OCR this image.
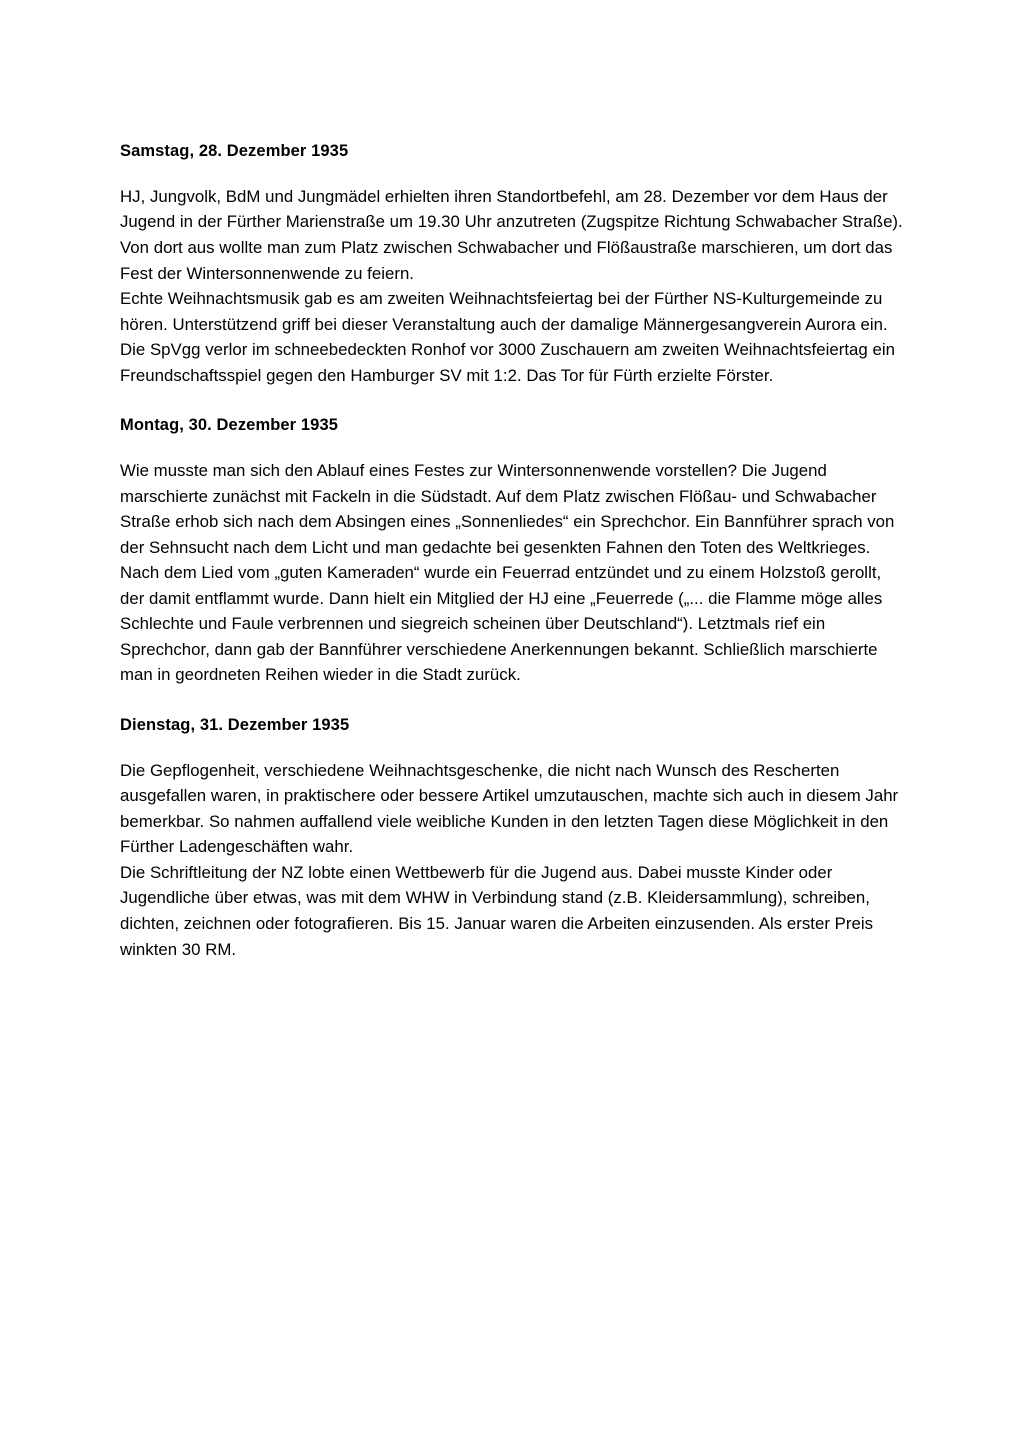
Samstag, 28. Dezember 1935

HJ, Jungvolk, BdM und Jungmädel erhielten ihren Standortbefehl, am 28. Dezember vor dem Haus der Jugend in der Fürther Marienstraße um 19.30 Uhr anzutreten (Zugspitze Richtung Schwabacher Straße). Von dort aus wollte man zum Platz zwischen Schwabacher und Flößaustraße marschieren, um dort das Fest der Wintersonnenwende zu feiern.

Echte Weihnachtsmusik gab es am zweiten Weihnachtsfeiertag bei der Fürther NS-Kulturgemeinde zu hören. Unterstützend griff bei dieser Veranstaltung auch der damalige Männergesangverein Aurora ein.

Die SpVgg verlor im schneebedeckten Ronhof vor 3000 Zuschauern am zweiten Weihnachtsfeiertag ein Freundschaftsspiel gegen den Hamburger SV mit 1:2. Das Tor für Fürth erzielte Förster.

Montag, 30. Dezember 1935

Wie musste man sich den Ablauf eines Festes zur Wintersonnenwende vorstellen? Die Jugend marschierte zunächst mit Fackeln in die Südstadt. Auf dem Platz zwischen Flößau- und Schwabacher Straße erhob sich nach dem Absingen eines „Sonnenliedes“ ein Sprechchor. Ein Bannführer sprach von der Sehnsucht nach dem Licht und man gedachte bei gesenkten Fahnen den Toten des Weltkrieges. Nach dem Lied vom „guten Kameraden“ wurde ein Feuerrad entzündet und zu einem Holzstoß gerollt, der damit entflammt wurde. Dann hielt ein Mitglied der HJ eine „Feuerrede („... die Flamme möge alles Schlechte und Faule verbrennen und siegreich scheinen über Deutschland“). Letztmals rief ein Sprechchor, dann gab der Bannführer verschiedene Anerkennungen bekannt. Schließlich marschierte man in geordneten Reihen wieder in die Stadt zurück.

Dienstag, 31. Dezember 1935

Die Gepflogenheit, verschiedene Weihnachtsgeschenke, die nicht nach Wunsch des Rescherten ausgefallen waren, in praktischere oder bessere Artikel umzutauschen, machte sich auch in diesem Jahr bemerkbar. So nahmen auffallend viele weibliche Kunden in den letzten Tagen diese Möglichkeit in den Fürther Ladengeschäften wahr.

Die Schriftleitung der NZ lobte einen Wettbewerb für die Jugend aus. Dabei musste Kinder oder Jugendliche über etwas, was mit dem WHW in Verbindung stand (z.B. Kleidersammlung), schreiben, dichten, zeichnen oder fotografieren. Bis 15. Januar waren die Arbeiten einzusenden. Als erster Preis winkten 30 RM.
